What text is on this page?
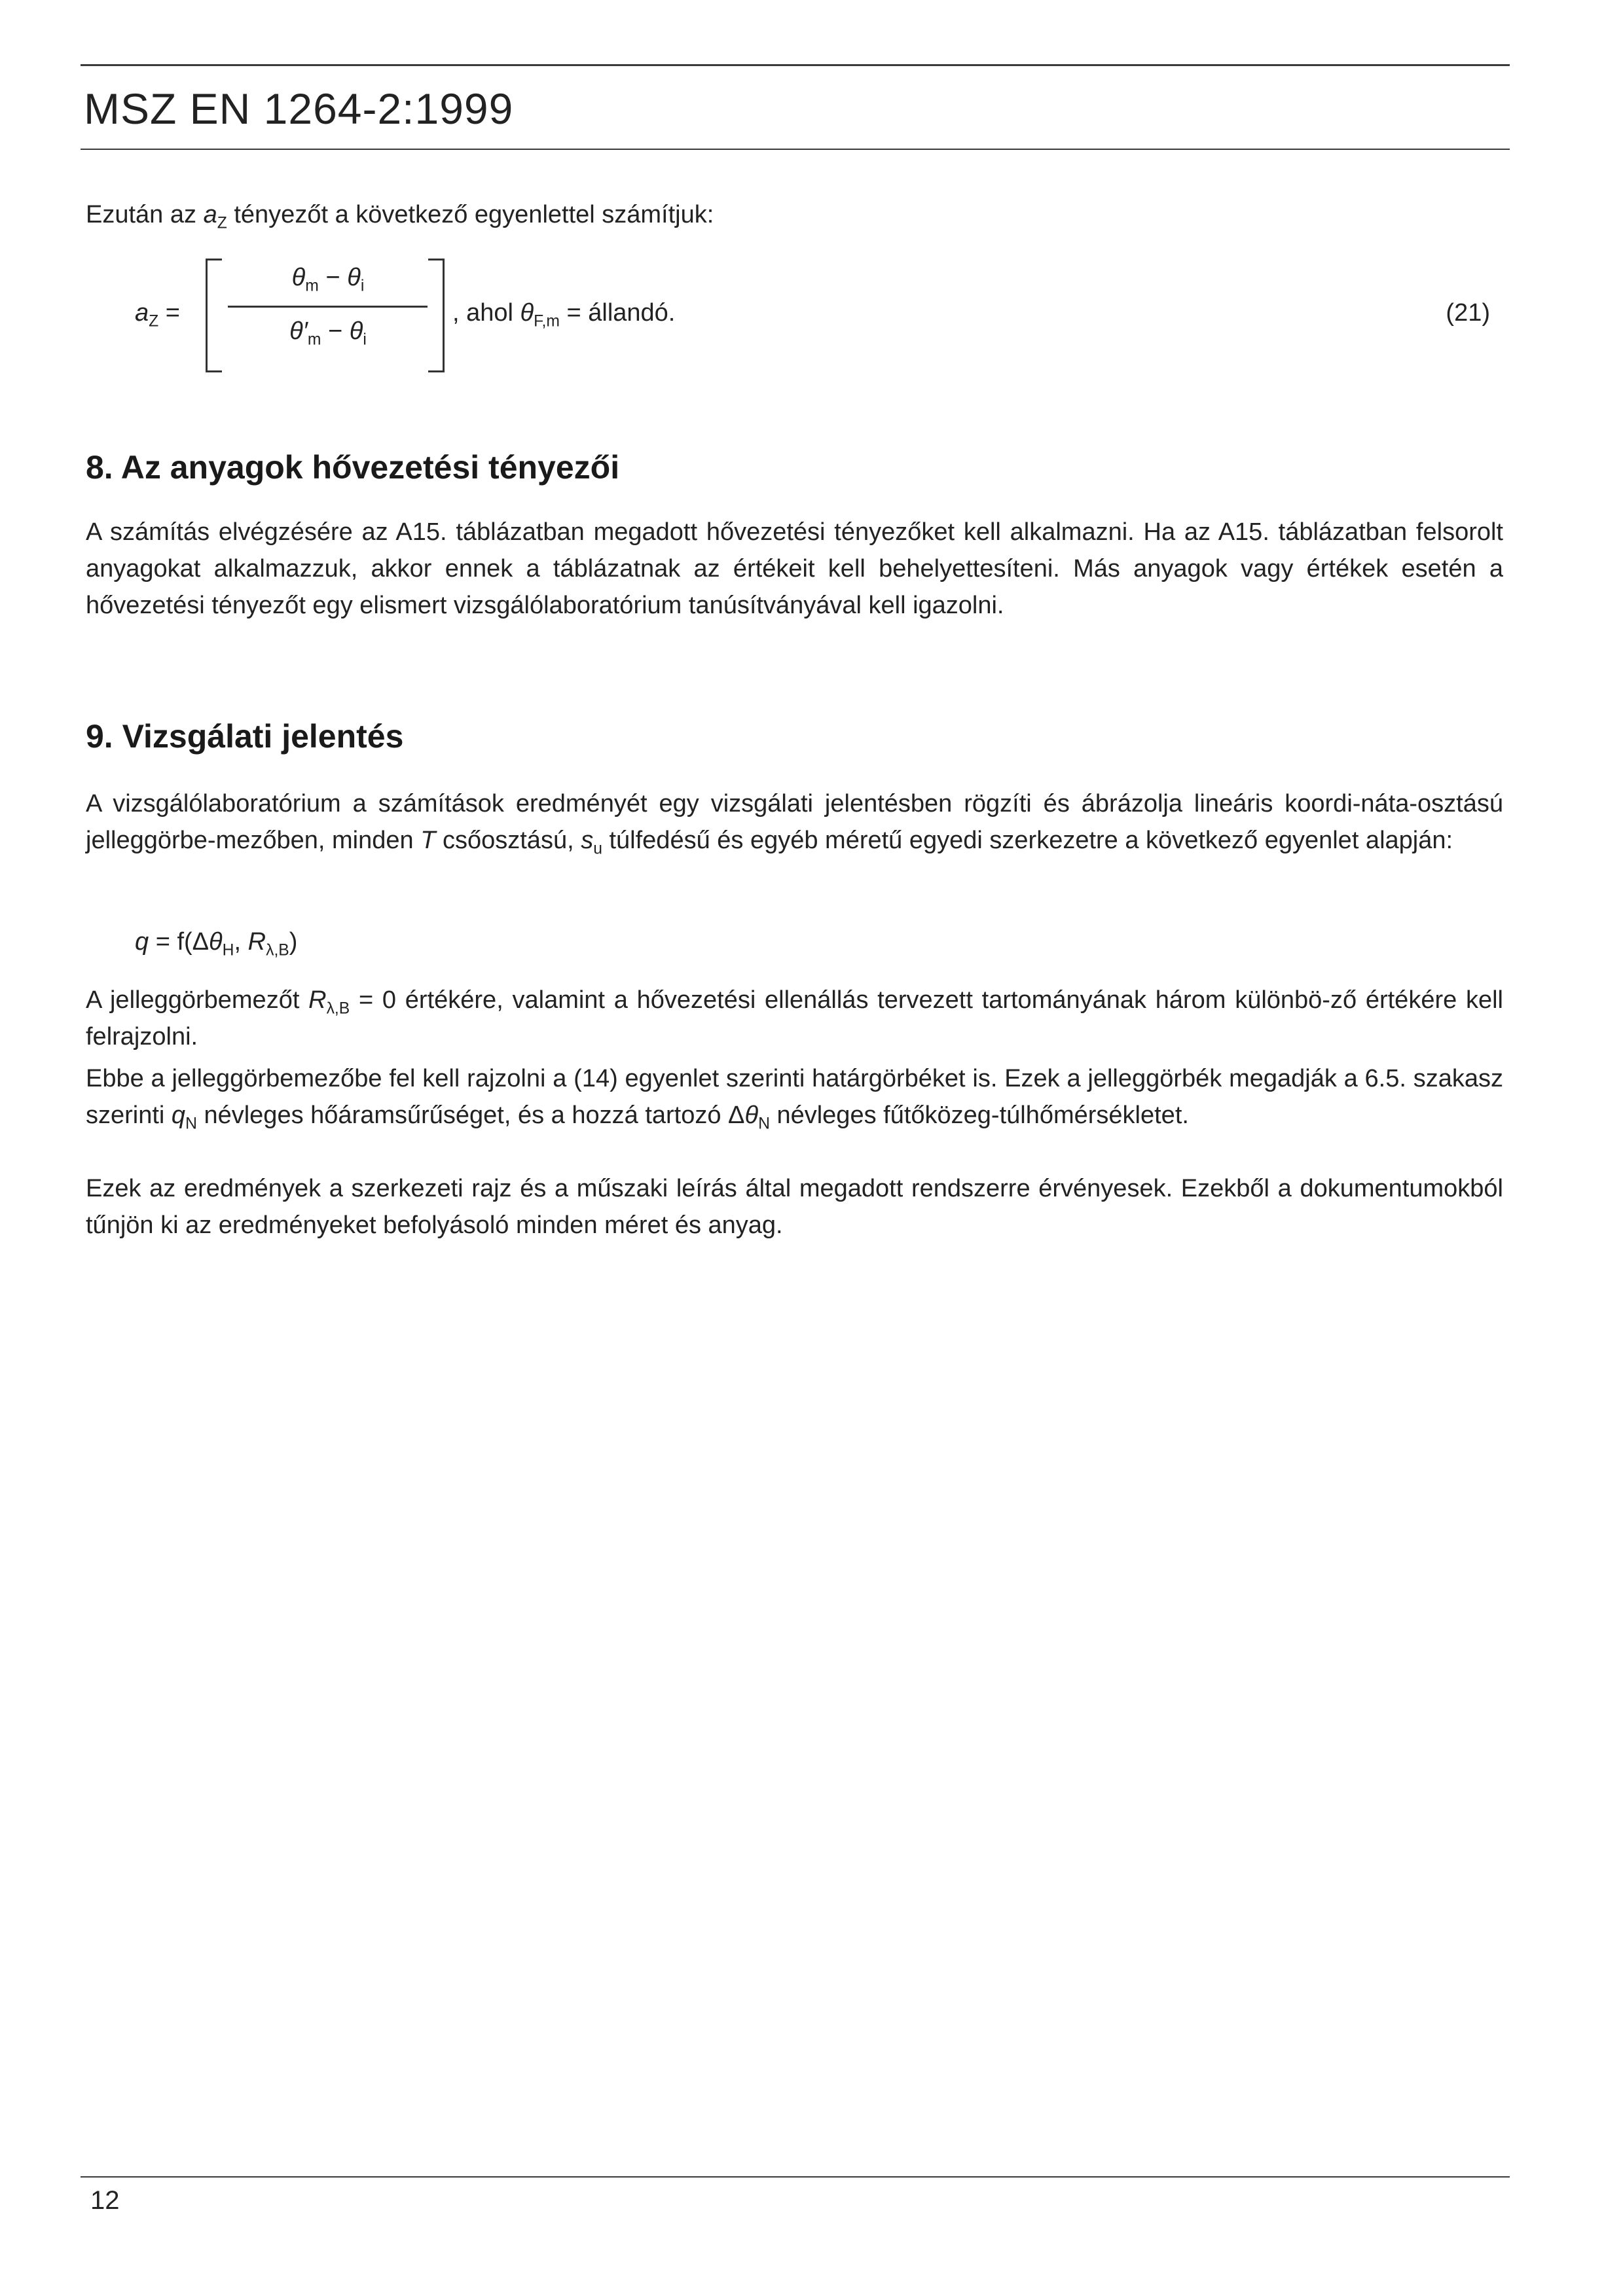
MSZ EN 1264-2:1999
Ezután az $a_Z$ tényezőt a következő egyenlettel számítjuk:
$a_Z$ =
$\theta_m - \theta_i$
$\theta'_m - \theta_i$
, ahol $\theta_{F,m}$ = állandó.	(21)
8. Az anyagok hővezetési tényezői
A számítás elvégzésére az A15. táblázatban megadott hővezetési tényezőket kell alkalmazni. Ha az A15. táblázatban felsorolt anyagokat alkalmazzuk, akkor ennek a táblázatnak az értékeit kell behelyettesíteni. Más anyagok vagy értékek esetén a hővezetési tényezőt egy elismert vizsgálólaboratórium tanúsítványával kell igazolni.
9. Vizsgálati jelentés
A vizsgálólaboratórium a számítások eredményét egy vizsgálati jelentésben rögzíti és ábrázolja lineáris koordi-náta-osztású jelleggörbe-mezőben, minden T csőosztású, $s_u$ túlfedésű és egyéb méretű egyedi szerkezetre a következő egyenlet alapján:
$q = f(\Delta\theta_H$, $R_{\lambda,B}$)
A jelleggörbemezőt $R_{\lambda,B} = 0$ értékére, valamint a hővezetési ellenállás tervezett tartományának három különbö-ző értékére kell felrajzolni.
Ebbe a jelleggörbemezőbe fel kell rajzolni a (14) egyenlet szerinti határgörbéket is. Ezek a jelleggörbék megadják a 6.5. szakasz szerinti $q_N$ névleges hőáramsűrűséget, és a hozzá tartozó $\Delta\theta_N$ névleges fűtőközeg-túlhőmérsékletet.
Ezek az eredmények a szerkezeti rajz és a műszaki leírás által megadott rendszerre érvényesek. Ezekből a dokumentumokból tűnjön ki az eredményeket befolyásoló minden méret és anyag.
12
